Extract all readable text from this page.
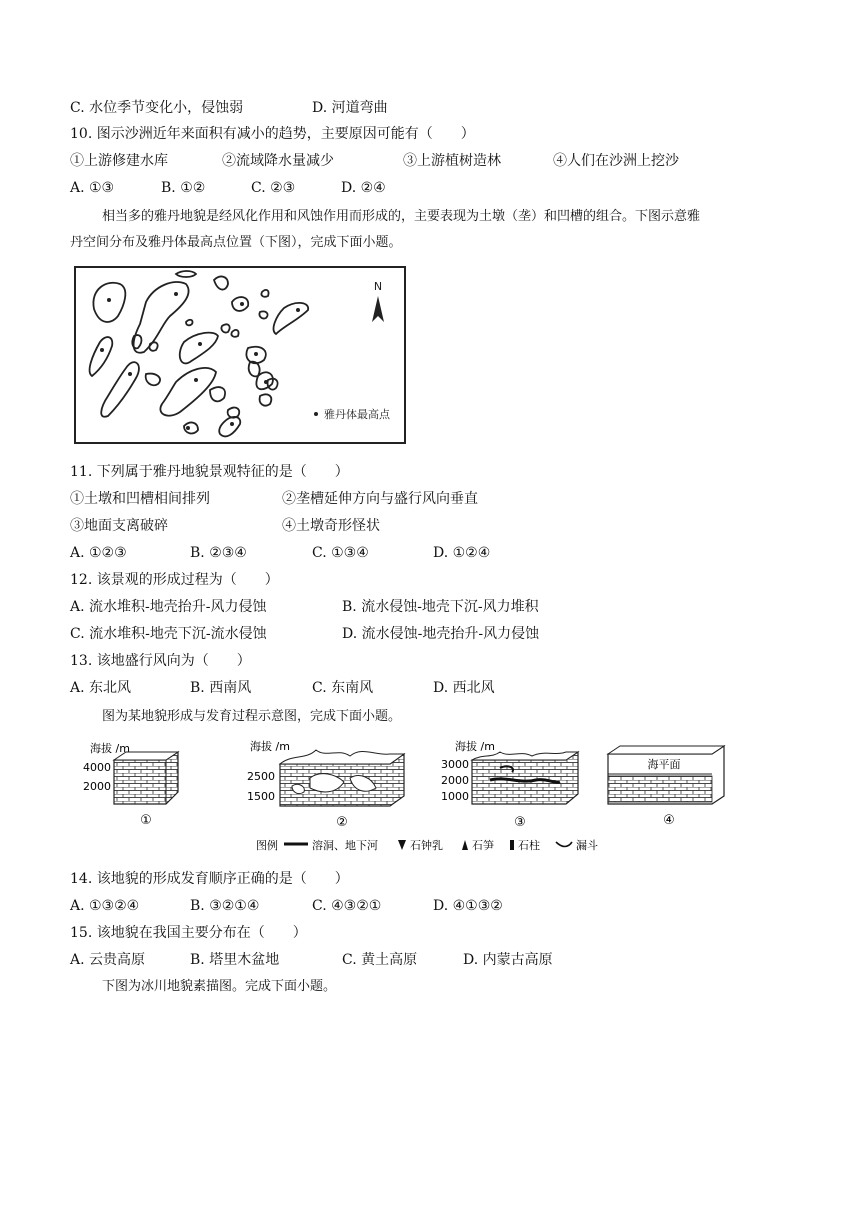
C. 水位季节变化小，侵蚀弱	D. 河道弯曲
10. 图示沙洲近年来面积有减小的趋势，主要原因可能有（　　）
①上游修建水库	②流域降水量减少	③上游植树造林	④人们在沙洲上挖沙
A. ①③	B. ①②	C. ②③	D. ②④
相当多的雅丹地貌是经风化作用和风蚀作用而形成的，主要表现为土墩（垄）和凹槽的组合。下图示意雅
丹空间分布及雅丹体最高点位置（下图），完成下面小题。
N
雅丹体最高点
11. 下列属于雅丹地貌景观特征的是（　　）
①土墩和凹槽相间排列	②垄槽延伸方向与盛行风向垂直
③地面支离破碎	④土墩奇形怪状
A. ①②③	B. ②③④	C. ①③④	D. ①②④
12. 该景观的形成过程为（　　）
A. 流水堆积-地壳抬升-风力侵蚀	B. 流水侵蚀-地壳下沉-风力堆积
C. 流水堆积-地壳下沉-流水侵蚀	D. 流水侵蚀-地壳抬升-风力侵蚀
13. 该地盛行风向为（　　）
A. 东北风	B. 西南风	C. 东南风	D. 西北风
图为某地貌形成与发育过程示意图，完成下面小题。
海拔 /m
4000
2000
①
海拔 /m
2500
1500
②
海拔 /m
3000
2000
1000
③
海平面
④
图例	溶洞、地下河	石钟乳	石笋 石柱	漏斗
14. 该地貌的形成发育顺序正确的是（　　）
A. ①③②④	B. ③②①④	C. ④③②①	D. ④①③②
15. 该地貌在我国主要分布在（　　）
A. 云贵高原	B. 塔里木盆地	C. 黄土高原	D. 内蒙古高原
下图为冰川地貌素描图。完成下面小题。
